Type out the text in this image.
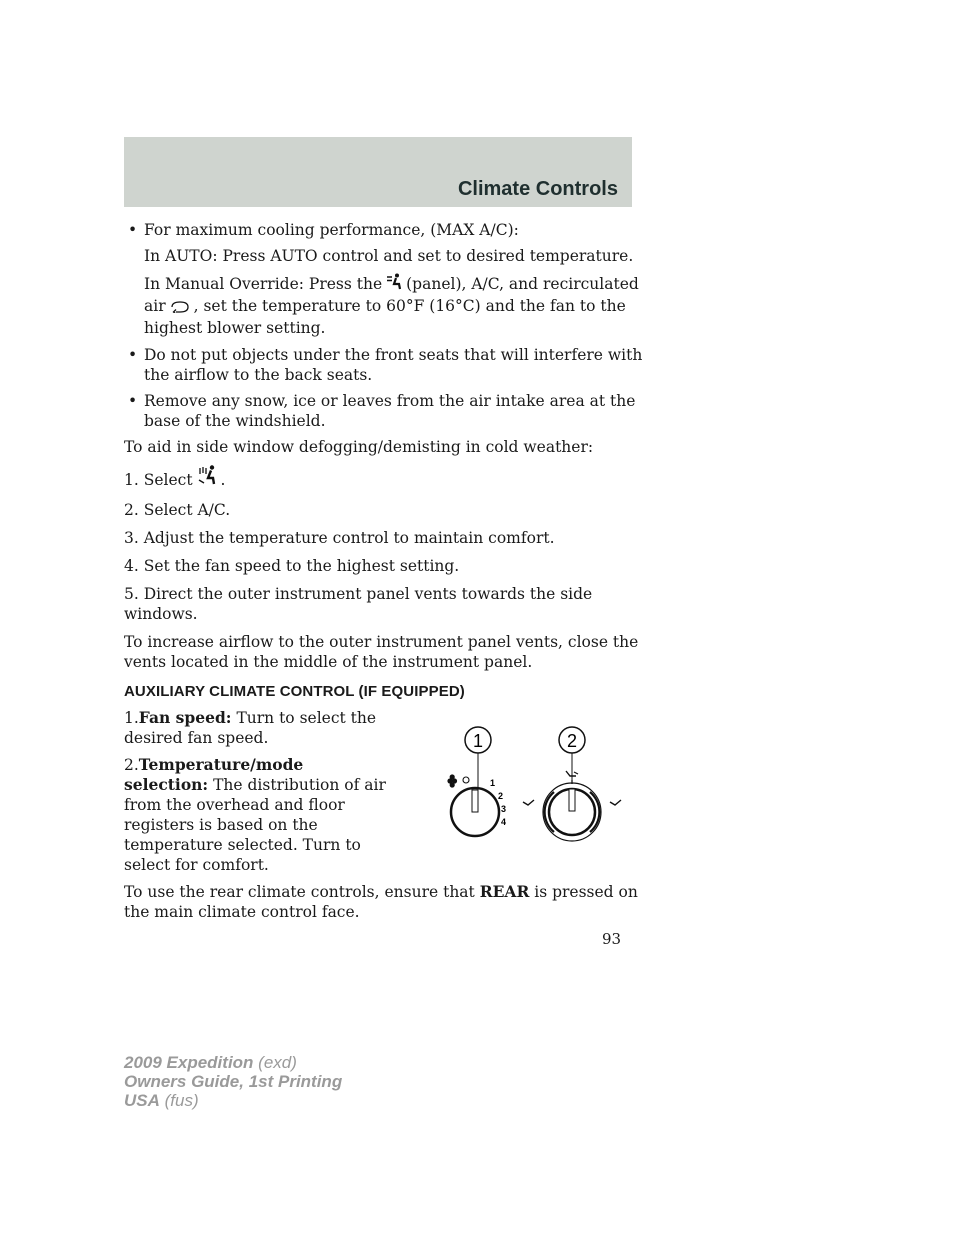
Climate Controls
• For maximum cooling performance, (MAX A/C):
In AUTO: Press AUTO control and set to desired temperature.
In Manual Override: Press the (panel), A/C, and recirculated
air , set the temperature to 60°F (16°C) and the fan to the highest blower setting.
• Do not put objects under the front seats that will interfere with the airflow to the back seats.
• Remove any snow, ice or leaves from the air intake area at the base of the windshield.
To aid in side window defogging/demisting in cold weather:
1. Select .
2. Select A/C.
3. Adjust the temperature control to maintain comfort.
4. Set the fan speed to the highest setting.
5. Direct the outer instrument panel vents towards the side windows.
To increase airflow to the outer instrument panel vents, close the vents located in the middle of the instrument panel.
AUXILIARY CLIMATE CONTROL (IF EQUIPPED)
1.Fan speed: Turn to select the desired fan speed.
2.Temperature/mode selection: The distribution of air from the overhead and floor registers is based on the temperature selected. Turn to select for comfort.
To use the rear climate controls, ensure that REAR is pressed on the main climate control face.
1	2
1
2
3
4
93
2009 Expedition (exd)
Owners Guide, 1st Printing
USA (fus)
